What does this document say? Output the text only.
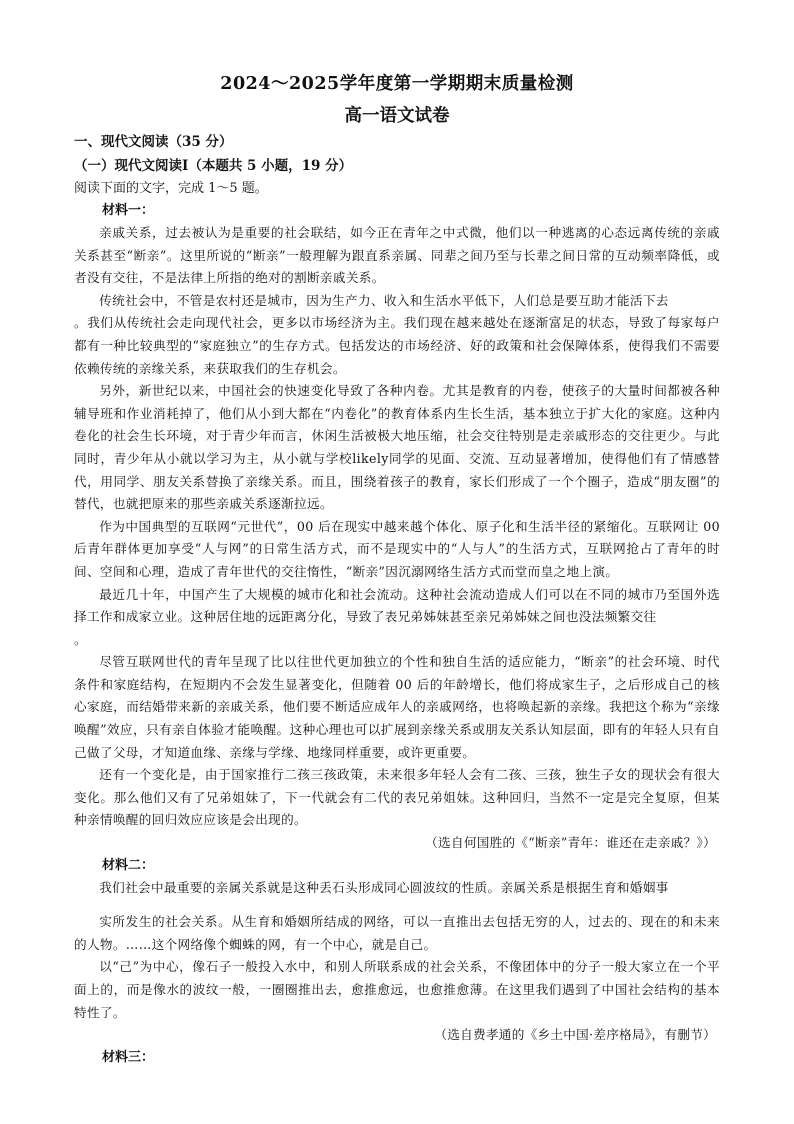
2024～2025学年度第一学期期末质量检测
高一语文试卷
一、现代文阅读（35 分）
（一）现代文阅读Ⅰ（本题共 5 小题，19 分）
阅读下面的文字，完成 1～5 题。
材料一：

亲戚关系，过去被认为是重要的社会联结，如今正在青年之中式微，他们以一种逃离的心态远离传统的亲戚关系甚至“断亲”。这里所说的“断亲”一般理解为跟直系亲属、同辈之间乃至与长辈之间日常的互动频率降低，或者没有交往，不是法律上所指的绝对的割断亲戚关系。

传统社会中，不管是农村还是城市，因为生产力、收入和生活水平低下，人们总是要互助才能活下去

。我们从传统社会走向现代社会，更多以市场经济为主。我们现在越来越处在逐渐富足的状态，导致了每家每户都有一种比较典型的“家庭独立”的生存方式。包括发达的市场经济、好的政策和社会保障体系，使得我们不需要依赖传统的亲缘关系，来获取我们的生存机会。

另外，新世纪以来，中国社会的快速变化导致了各种内卷。尤其是教育的内卷，使孩子的大量时间都被各种辅导班和作业消耗掉了，他们从小到大都在“内卷化”的教育体系内生长生活，基本独立于扩大化的家庭。这种内卷化的社会生长环境，对于青少年而言，休闲生活被极大地压缩，社会交往特别是走亲戚形态的交往更少。与此同时，青少年从小就以学习为主，从小就与学校likely同学的见面、交流、互动显著增加，使得他们有了情感替代，用同学、朋友关系替换了亲缘关系。而且，围绕着孩子的教育，家长们形成了一个个圈子，造成“朋友圈”的替代，也就把原来的那些亲戚关系逐渐拉远。

作为中国典型的互联网“元世代”，00 后在现实中越来越个体化、原子化和生活半径的紧缩化。互联网让 00 后青年群体更加享受“人与网”的日常生活方式，而不是现实中的“人与人”的生活方式，互联网抢占了青年的时间、空间和心理，造成了青年世代的交往惰性，“断亲”因沉溺网络生活方式而堂而皇之地上演。

最近几十年，中国产生了大规模的城市化和社会流动。这种社会流动造成人们可以在不同的城市乃至国外选择工作和成家立业。这种居住地的远距离分化，导致了表兄弟姊妹甚至亲兄弟姊妹之间也没法频繁交往

。

尽管互联网世代的青年呈现了比以往世代更加独立的个性和独自生活的适应能力，“断亲”的社会环境、时代条件和家庭结构，在短期内不会发生显著变化，但随着 00 后的年龄增长，他们将成家生子，之后形成自己的核心家庭，而结婚带来新的亲戚关系，他们要不断适应成年人的亲戚网络，也将唤起新的亲缘。我把这个称为“亲缘唤醒”效应，只有亲自体验才能唤醒。这种心理也可以扩展到亲缘关系或朋友关系认知层面，即有的年轻人只有自己做了父母，才知道血缘、亲缘与学缘、地缘同样重要，或许更重要。

还有一个变化是，由于国家推行二孩三孩政策，未来很多年轻人会有二孩、三孩，独生子女的现状会有很大变化。那么他们又有了兄弟姐妹了，下一代就会有二代的表兄弟姐妹。这种回归，当然不一定是完全复原，但某种亲情唤醒的回归效应应该是会出现的。

（选自何国胜的《“断亲”青年：谁还在走亲戚？》）
材料二：

我们社会中最重要的亲属关系就是这种丢石头形成同心圆波纹的性质。亲属关系是根据生育和婚姻事

实所发生的社会关系。从生育和婚姻所结成的网络，可以一直推出去包括无穷的人，过去的、现在的和未来的人物。……这个网络像个蜘蛛的网，有一个中心，就是自己。

以“己”为中心，像石子一般投入水中，和别人所联系成的社会关系，不像团体中的分子一般大家立在一个平面上的，而是像水的波纹一般，一圈圈推出去，愈推愈远，也愈推愈薄。在这里我们遇到了中国社会结构的基本特性了。

（选自费孝通的《乡土中国·差序格局》，有删节）
材料三：
